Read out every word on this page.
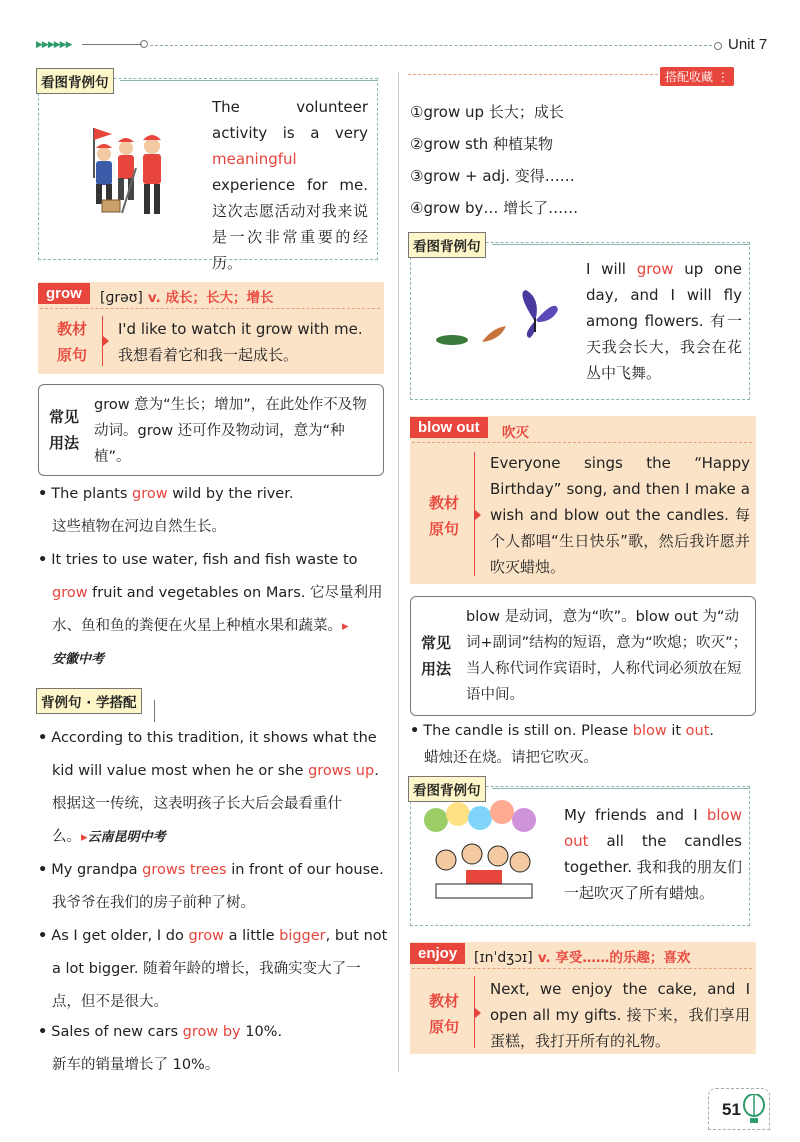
▶▶▶▶▶▶	Unit 7
看图背例句
The volunteer activity is a very meaningful experience for me. 这次志愿活动对我来说是一次非常重要的经历。
grow	[ɡrəʊ] v. 成长；长大；增长
教材
原句
I'd like to watch it grow with me.
我想看着它和我一起成长。
常见
用法
grow 意为“生长；增加”，在此处作不及物动词。grow 还可作及物动词，意为“种植”。
• The plants grow wild by the river.
这些植物在河边自然生长。
• It tries to use water, fish and fish waste to
grow fruit and vegetables on Mars. 它尽量利用
水、鱼和鱼的粪便在火星上种植水果和蔬菜。▸
安徽中考
背例句 · 学搭配
• According to this tradition, it shows what the
kid will value most when he or she grows up.
根据这一传统，这表明孩子长大后会最看重什
么。▸云南昆明中考
• My grandpa grows trees in front of our house.
我爷爷在我们的房子前种了树。
• As I get older, I do grow a little bigger, but not
a lot bigger. 随着年龄的增长，我确实变大了一
点，但不是很大。
• Sales of new cars grow by 10%.
新车的销量增长了 10%。
搭配收藏 ⋮
①grow up 长大；成长
②grow sth 种植某物
③grow + adj. 变得……
④grow by… 增长了……
看图背例句
I will grow up one day, and I will fly among flowers. 有一天我会长大，我会在花丛中飞舞。
blow out	吹灭
教材
原句
Everyone sings the “Happy Birthday” song, and then I make a wish and blow out the candles. 每个人都唱“生日快乐”歌，然后我许愿并吹灭蜡烛。
常见
用法
blow 是动词，意为“吹”。blow out 为“动词+副词”结构的短语，意为“吹熄；吹灭”；当人称代词作宾语时，人称代词必须放在短语中间。
• The candle is still on. Please blow it out.
蜡烛还在烧。请把它吹灭。
看图背例句
My friends and I blow out all the candles together. 我和我的朋友们一起吹灭了所有蜡烛。
enjoy	[ɪnˈdʒɔɪ] v. 享受……的乐趣；喜欢
教材
原句
Next, we enjoy the cake, and I open all my gifts. 接下来，我们享用蛋糕，我打开所有的礼物。
51
